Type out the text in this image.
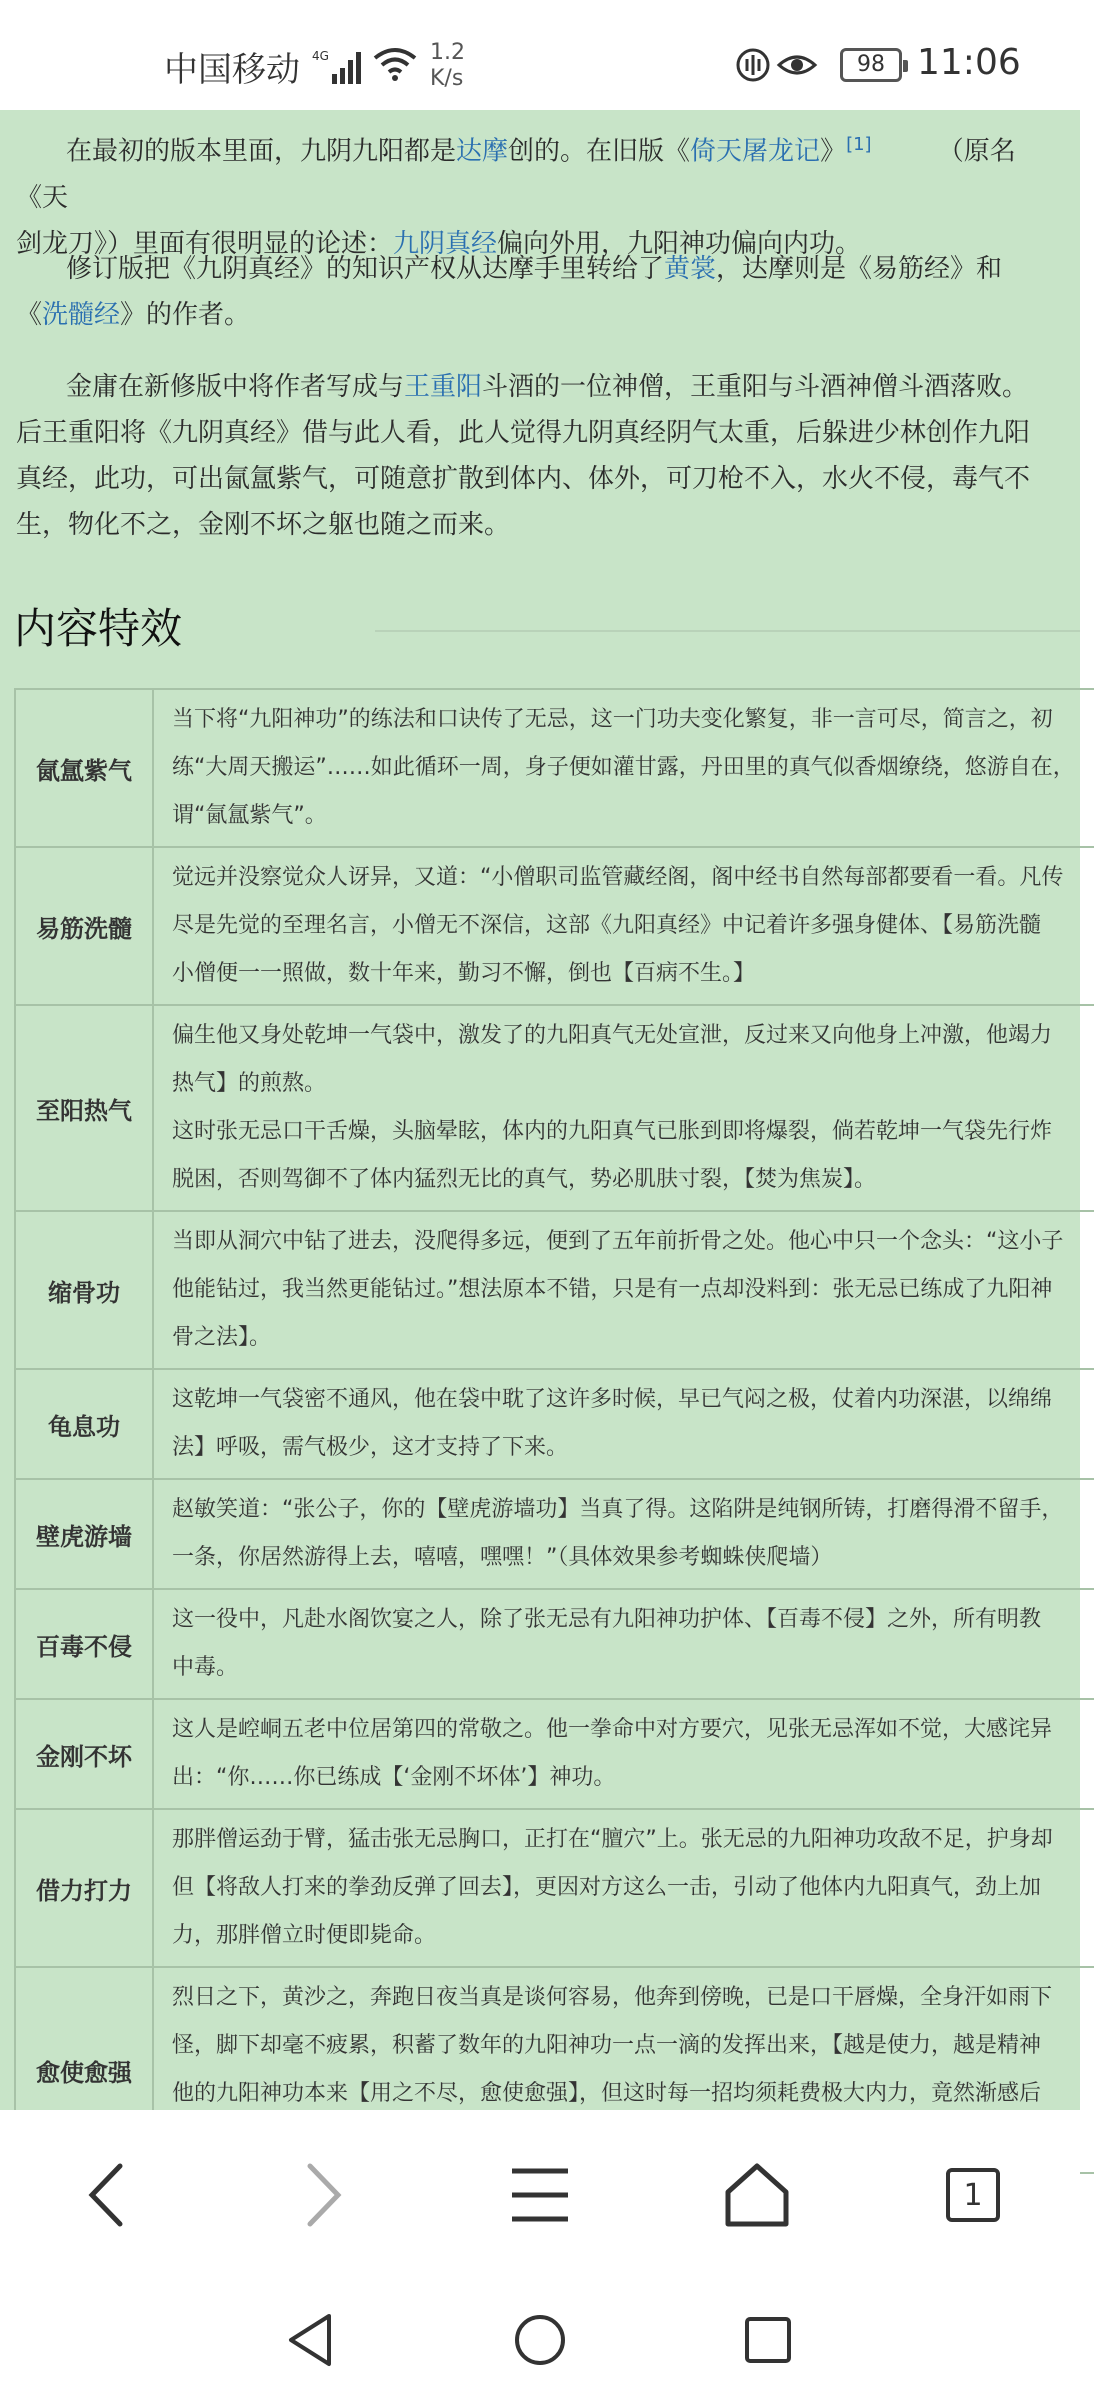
中国移动 4G	1.2
K/s
98 11:06

在最初的版本里面，九阴九阳都是达摩创的。在旧版《倚天屠龙记》[1]	（原名《天
剑龙刀》）里面有很明显的论述：九阴真经偏向外用，九阳神功偏向内功。

修订版把《九阴真经》的知识产权从达摩手里转给了黄裳，达摩则是《易筋经》和
《洗髓经》的作者。

金庸在新修版中将作者写成与王重阳斗酒的一位神僧，王重阳与斗酒神僧斗酒落败。
后王重阳将《九阴真经》借与此人看，此人觉得九阴真经阴气太重，后躲进少林创作九阳
真经，此功，可出氤氲紫气，可随意扩散到体内、体外，可刀枪不入，水火不侵，毒气不
生，物化不之，金刚不坏之躯也随之而来。

内容特效
氤氲紫气
当下将“九阳神功”的练法和口诀传了无忌，这一门功夫变化繁复，非一言可尽，简言之，初
练“大周天搬运”……如此循环一周，身子便如灌甘露，丹田里的真气似香烟缭绕，悠游自在，
谓“氤氲紫气”。
易筋洗髓
觉远并没察觉众人讶异，又道：“小僧职司监管藏经阁，阁中经书自然每部都要看一看。凡传
尽是先觉的至理名言，小僧无不深信，这部《九阳真经》中记着许多强身健体、【易筋洗髓
小僧便一一照做，数十年来，勤习不懈，倒也【百病不生。】
至阳热气
偏生他又身处乾坤一气袋中，激发了的九阳真气无处宣泄，反过来又向他身上冲激，他竭力
热气】的煎熬。
这时张无忌口干舌燥，头脑晕眩，体内的九阳真气已胀到即将爆裂，倘若乾坤一气袋先行炸
脱困，否则驾御不了体内猛烈无比的真气，势必肌肤寸裂，【焚为焦炭】。
缩骨功
当即从洞穴中钻了进去，没爬得多远，便到了五年前折骨之处。他心中只一个念头：“这小子
他能钻过，我当然更能钻过。”想法原本不错，只是有一点却没料到：张无忌已练成了九阳神
骨之法】。
龟息功
这乾坤一气袋密不通风，他在袋中耽了这许多时候，早已气闷之极，仗着内功深湛，以绵绵
法】呼吸，需气极少，这才支持了下来。
壁虎游墙
赵敏笑道：“张公子，你的【壁虎游墙功】当真了得。这陷阱是纯钢所铸，打磨得滑不留手，
一条，你居然游得上去，嘻嘻，嘿嘿！”（具体效果参考蜘蛛侠爬墙）
百毒不侵
这一役中，凡赴水阁饮宴之人，除了张无忌有九阳神功护体、【百毒不侵】之外，所有明教
中毒。
金刚不坏
这人是崆峒五老中位居第四的常敬之。他一拳命中对方要穴，见张无忌浑如不觉，大感诧异
出：“你……你已练成【‘金刚不坏体’】神功。
借力打力
那胖僧运劲于臂，猛击张无忌胸口，正打在“膻穴”上。张无忌的九阳神功攻敌不足，护身却
但【将敌人打来的拳劲反弹了回去】，更因对方这么一击，引动了他体内九阳真气，劲上加
力，那胖僧立时便即毙命。
愈使愈强
烈日之下，黄沙之，奔跑日夜当真是谈何容易，他奔到傍晚，已是口干唇燥，全身汗如雨下
怪，脚下却毫不疲累，积蓄了数年的九阳神功一点一滴的发挥出来，【越是使力，越是精神
他的九阳神功本来【用之不尽，愈使愈强】，但这时每一招均须耗费极大内力，竟然渐感后
1
